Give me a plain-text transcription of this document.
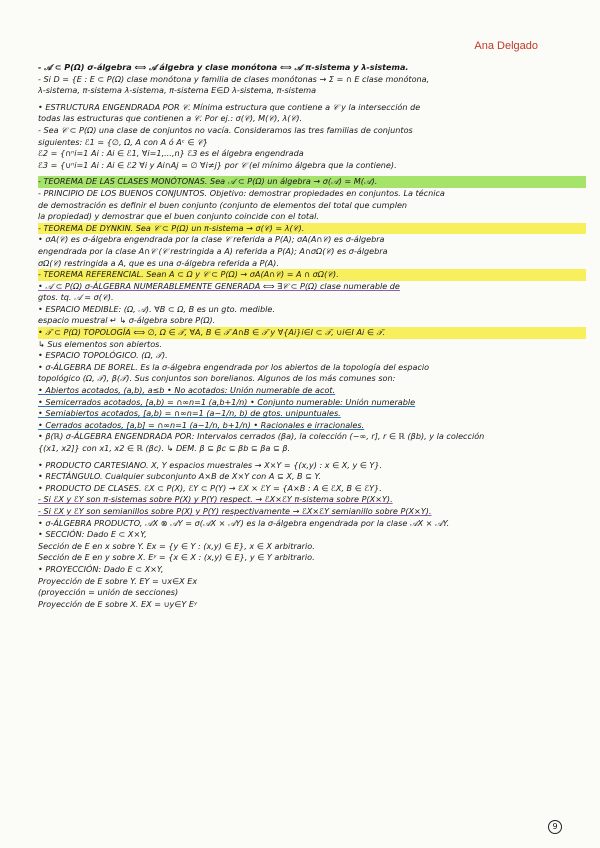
Ana Delgado
- 𝒜 ⊂ P(Ω) σ-álgebra ⟺ 𝒜 álgebra y clase monótona ⟺ 𝒜 π-sistema y λ-sistema.
- Si D = {E : E ⊂ P(Ω) clase monótona y familia de clases monótonas → Σ = ∩ E clase monótona,
λ-sistema, π-sistema λ-sistema, π-sistema E∈D λ-sistema, π-sistema
• ESTRUCTURA ENGENDRADA POR 𝒞. Mínima estructura que contiene a 𝒞 y la intersección de
todas las estructuras que contienen a 𝒞. Por ej.: σ(𝒞), M(𝒞), λ(𝒞).
- Sea 𝒞 ⊂ P(Ω) una clase de conjuntos no vacía. Consideramos las tres familias de conjuntos
siguientes: ℰ1 = {∅, Ω, A con A ó Aᶜ ∈ 𝒞}
ℰ2 = {∩ⁿi=1 Ai : Ai ∈ ℰ1, ∀i=1,...,n} ℰ3 es el álgebra engendrada
ℰ3 = {∪ⁿi=1 Ai : Ai ∈ ℰ2 ∀i y Ai∩Aj = ∅ ∀i≠j} por 𝒞 (el mínimo álgebra que la contiene).
- TEOREMA DE LAS CLASES MONÓTONAS. Sea 𝒜 ⊂ P(Ω) un álgebra → σ(𝒜) = M(𝒜).
- PRINCIPIO DE LOS BUENOS CONJUNTOS. Objetivo: demostrar propiedades en conjuntos. La técnica
de demostración es definir el buen conjunto (conjunto de elementos del total que cumplen
la propiedad) y demostrar que el buen conjunto coincide con el total.
- TEOREMA DE DYNKIN. Sea 𝒞 ⊂ P(Ω) un π-sistema → σ(𝒞) = λ(𝒞).
• σA(𝒞) es σ-álgebra engendrada por la clase 𝒞 referida a P(A); σA(A∩𝒞) es σ-álgebra
engendrada por la clase A∩𝒞 (𝒞 restringida a A) referida a P(A); A∩σΩ(𝒞) es σ-álgebra
σΩ(𝒞) restringida a A, que es una σ-álgebra referida a P(A).
- TEOREMA REFERENCIAL. Sean A ⊂ Ω y 𝒞 ⊂ P(Ω) → σA(A∩𝒞) = A ∩ σΩ(𝒞).
• 𝒜 ⊂ P(Ω) σ-ÁLGEBRA NUMERABLEMENTE GENERADA ⟺ ∃𝒞 ⊂ P(Ω) clase numerable de
gtos. tq. 𝒜 = σ(𝒞).
• ESPACIO MEDIBLE: (Ω, 𝒜). ∀B ⊂ Ω, B es un gto. medible.
espacio muestral ↵ ↳ σ-álgebra sobre P(Ω).
• 𝒯 ⊂ P(Ω) TOPOLOGÍA ⟺ ∅, Ω ∈ 𝒯, ∀A, B ∈ 𝒯 A∩B ∈ 𝒯 y ∀{Ai}i∈I ⊂ 𝒯, ∪i∈I Ai ∈ 𝒯.
↳ Sus elementos son abiertos.
• ESPACIO TOPOLÓGICO. (Ω, 𝒯).
• σ-ÁLGEBRA DE BOREL. Es la σ-álgebra engendrada por los abiertos de la topología del espacio
topológico (Ω, 𝒯), β(𝒯). Sus conjuntos son borelianos. Algunos de los más comunes son:
• Abiertos acotados, (a,b), a≤b • No acotados: Unión numerable de acot.
• Semicerrados acotados, [a,b) = ∩∞n=1 (a,b+1/n) • Conjunto numerable: Unión numerable
• Semiabiertos acotados, [a,b) = ∩∞n=1 (a−1/n, b) de gtos. unipuntuales.
• Cerrados acotados, [a,b] = ∩∞n=1 (a−1/n, b+1/n) • Racionales e irracionales.
• β(ℝ) σ-ÁLGEBRA ENGENDRADA POR: Intervalos cerrados (βa), la colección (−∞, r], r ∈ ℝ (βb), y la colección
{(x1, x2]} con x1, x2 ∈ ℝ (βc). ↳ DEM. β ⊆ βc ⊆ βb ⊆ βa ⊆ β.
• PRODUCTO CARTESIANO. X, Y espacios muestrales → X×Y = {(x,y) : x ∈ X, y ∈ Y}.
• RECTÁNGULO. Cualquier subconjunto A×B de X×Y con A ⊆ X, B ⊆ Y.
• PRODUCTO DE CLASES. ℰX ⊂ P(X), ℰY ⊂ P(Y) → ℰX × ℰY = {A×B : A ∈ ℰX, B ∈ ℰY}.
- Si ℰX y ℰY son π-sistemas sobre P(X) y P(Y) respect. → ℰX×ℰY π-sistema sobre P(X×Y).
- Si ℰX y ℰY son semianillos sobre P(X) y P(Y) respectivamente → ℰX×ℰY semianillo sobre P(X×Y).
• σ-ÁLGEBRA PRODUCTO, 𝒜X ⊗ 𝒜Y = σ(𝒜X × 𝒜Y) es la σ-álgebra engendrada por la clase 𝒜X × 𝒜Y.
• SECCIÓN: Dado E ⊂ X×Y,
Sección de E en x sobre Y. Ex = {y ∈ Y : (x,y) ∈ E}, x ∈ X arbitrario.
Sección de E en y sobre X. Eʸ = {x ∈ X : (x,y) ∈ E}, y ∈ Y arbitrario.
• PROYECCIÓN: Dado E ⊂ X×Y,
Proyección de E sobre Y. EY = ∪x∈X Ex
(proyección = unión de secciones)
Proyección de E sobre X. EX = ∪y∈Y Eʸ
9
